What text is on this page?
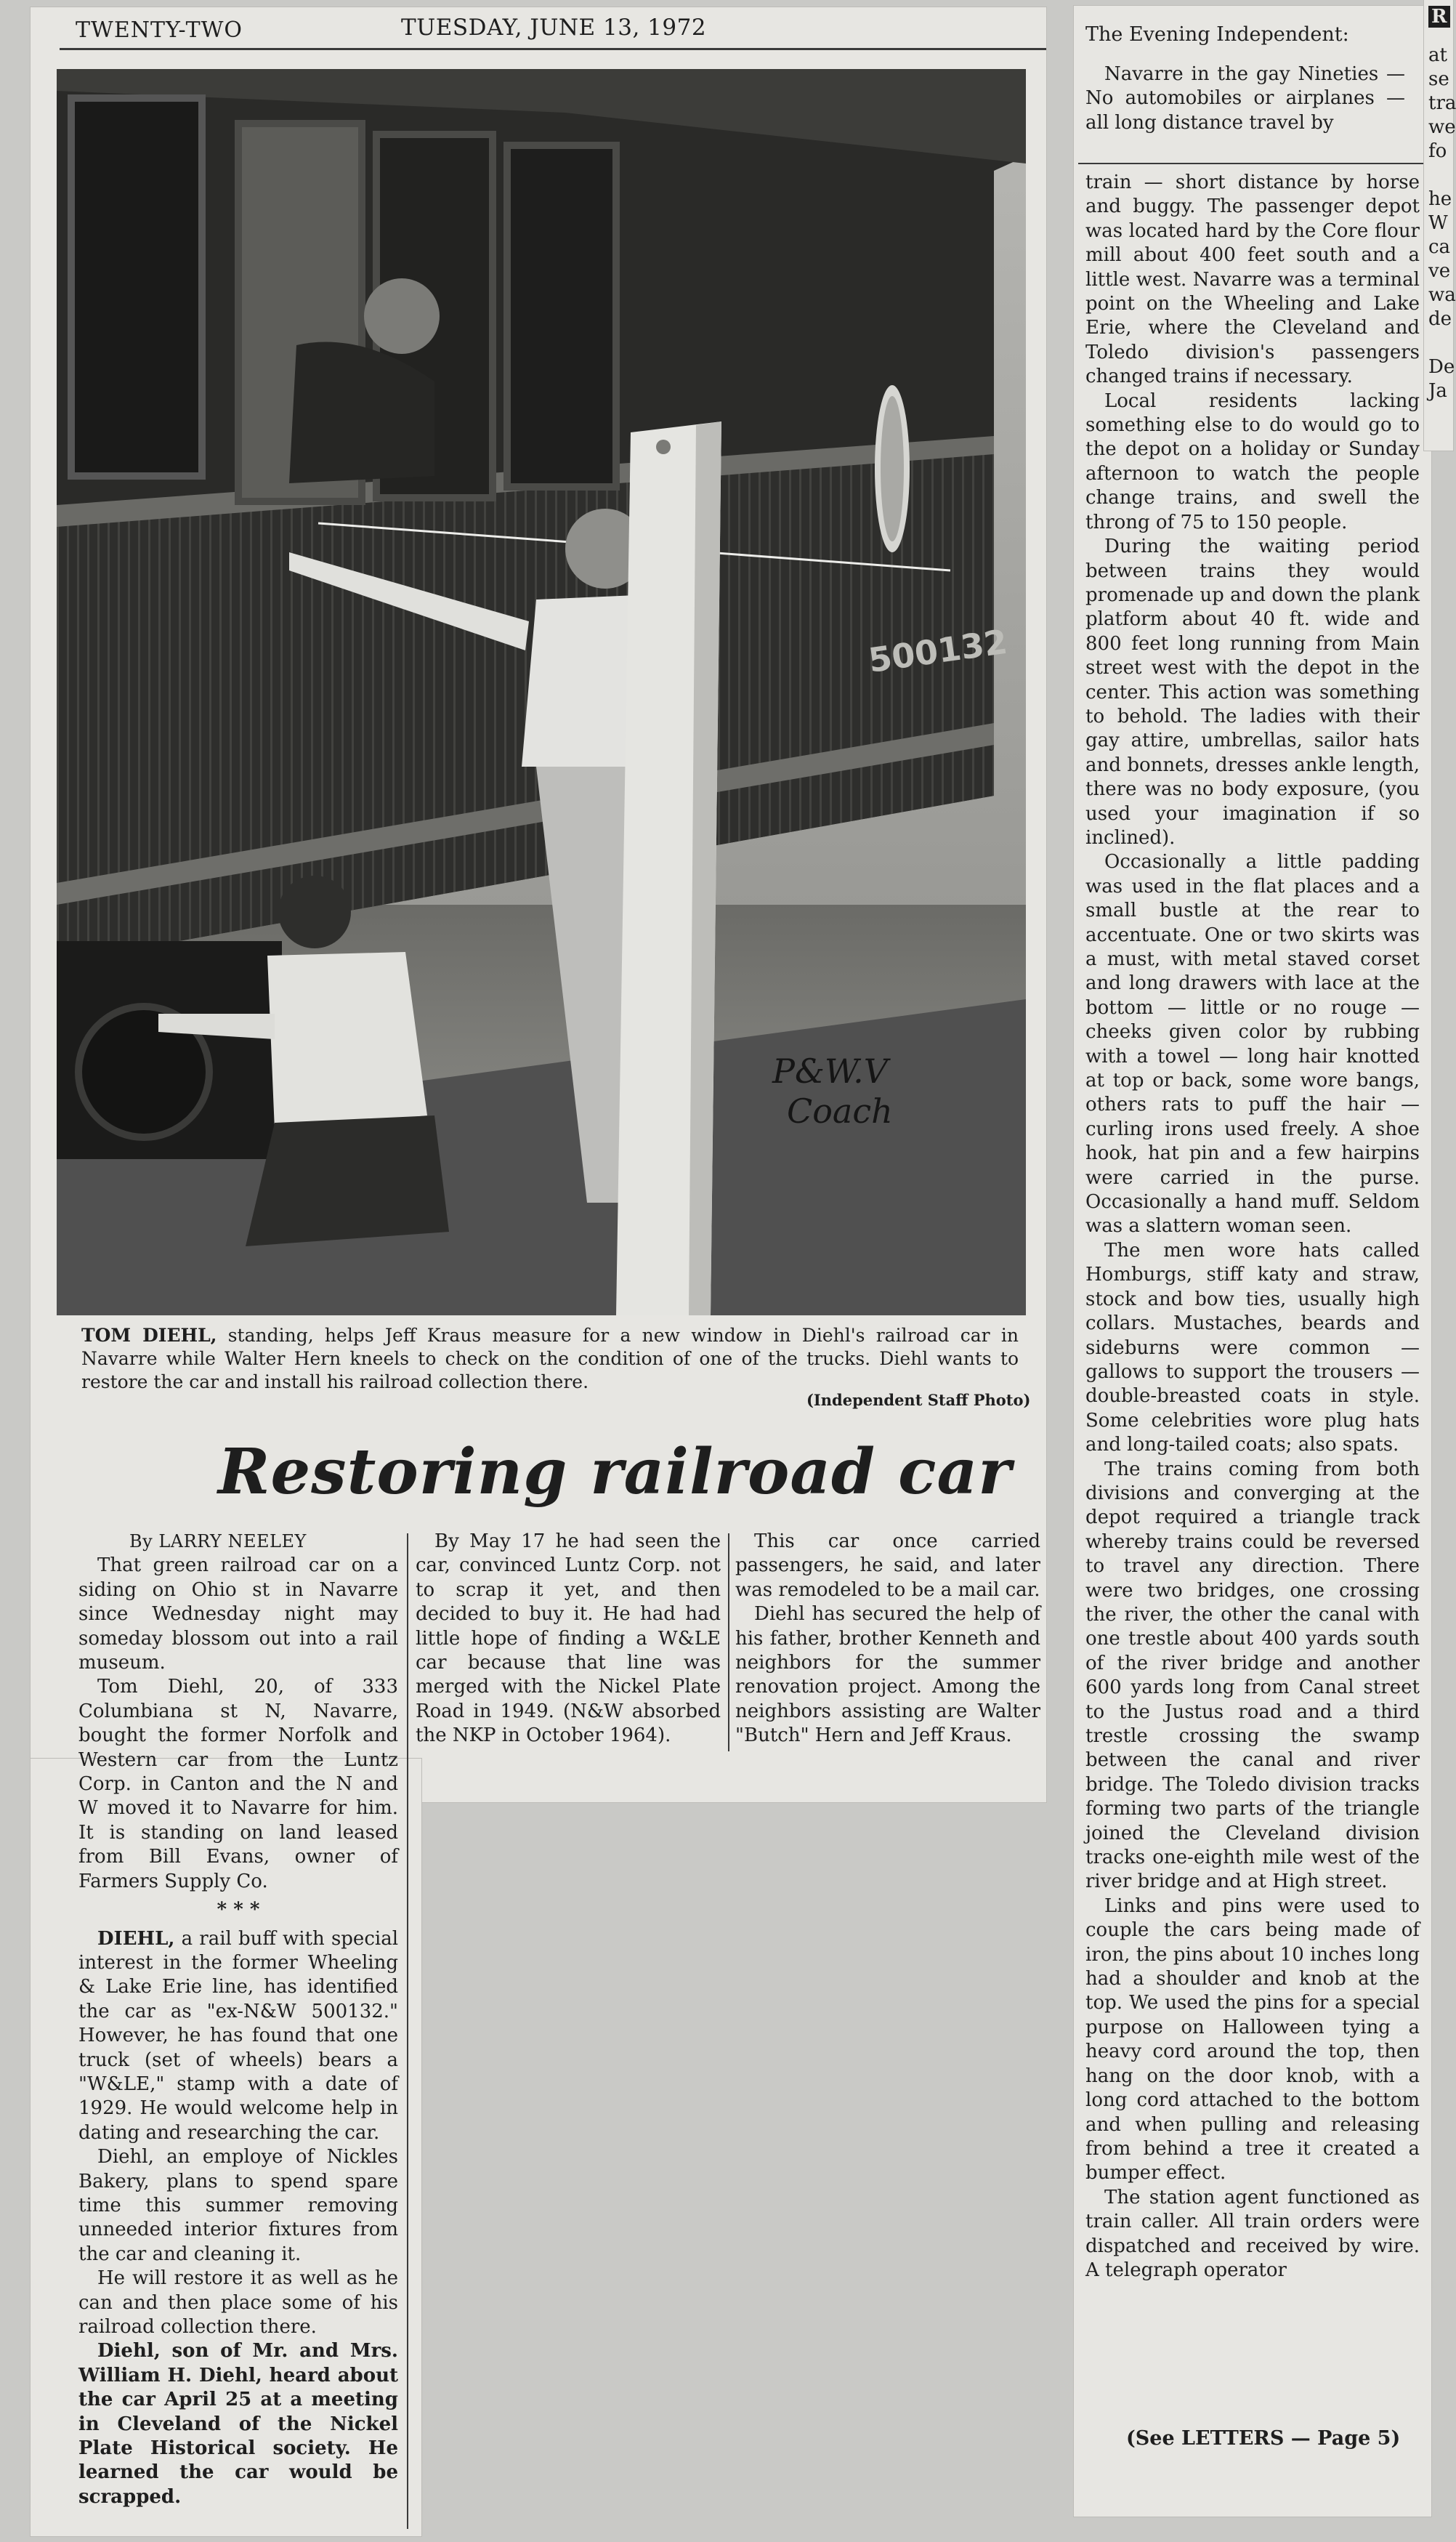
TWENTY-TWO	TUESDAY, JUNE 13, 1972
500132
P&W.V
Coach
TOM DIEHL, standing, helps Jeff Kraus measure for a new window in Diehl's railroad car in Navarre while Walter Hern kneels to check on the condition of one of the trucks. Diehl wants to restore the car and install his railroad collection there.
(Independent Staff Photo)
Restoring railroad car

By LARRY NEELEY

That green railroad car on a siding on Ohio st in Navarre since Wednesday night may someday blossom out into a rail museum.

Tom Diehl, 20, of 333 Columbiana st N, Navarre, bought the former Norfolk and Western car from the Luntz Corp. in Canton and the N and W moved it to Navarre for him. It is standing on land leased from Bill Evans, owner of Farmers Supply Co.

* * *

DIEHL, a rail buff with special interest in the former Wheeling & Lake Erie line, has identified the car as "ex-N&W 500132." However, he has found that one truck (set of wheels) bears a "W&LE," stamp with a date of 1929. He would welcome help in dating and researching the car.

Diehl, an employe of Nickles Bakery, plans to spend spare time this summer removing unneeded interior fixtures from the car and cleaning it.

He will restore it as well as he can and then place some of his railroad collection there.

Diehl, son of Mr. and Mrs. William H. Diehl, heard about the car April 25 at a meeting in Cleveland of the Nickel Plate Historical society. He learned the car would be scrapped.

By May 17 he had seen the car, convinced Luntz Corp. not to scrap it yet, and then decided to buy it. He had had little hope of finding a W&LE car because that line was merged with the Nickel Plate Road in 1949. (N&W absorbed the NKP in October 1964).

This car once carried passengers, he said, and later was remodeled to be a mail car.

Diehl has secured the help of his father, brother Kenneth and neighbors for the summer renovation project. Among the neighbors assisting are Walter "Butch" Hern and Jeff Kraus.

The Evening Independent:
Navarre in the gay Nineties — No automobiles or airplanes — all long distance travel by

train — short distance by horse and buggy. The passenger depot was located hard by the Core flour mill about 400 feet south and a little west. Navarre was a terminal point on the Wheeling and Lake Erie, where the Cleveland and Toledo division's passengers changed trains if necessary.

Local residents lacking something else to do would go to the depot on a holiday or Sunday afternoon to watch the people change trains, and swell the throng of 75 to 150 people.

During the waiting period between trains they would promenade up and down the plank platform about 40 ft. wide and 800 feet long running from Main street west with the depot in the center. This action was something to behold. The ladies with their gay attire, umbrellas, sailor hats and bonnets, dresses ankle length, there was no body exposure, (you used your imagination if so inclined).

Occasionally a little padding was used in the flat places and a small bustle at the rear to accentuate. One or two skirts was a must, with metal staved corset and long drawers with lace at the bottom — little or no rouge — cheeks given color by rubbing with a towel — long hair knotted at top or back, some wore bangs, others rats to puff the hair — curling irons used freely. A shoe hook, hat pin and a few hairpins were carried in the purse. Occasionally a hand muff. Seldom was a slattern woman seen.

The men wore hats called Homburgs, stiff katy and straw, stock and bow ties, usually high collars. Mustaches, beards and sideburns were common — gallows to support the trousers — double-breasted coats in style. Some celebrities wore plug hats and long-tailed coats; also spats.

The trains coming from both divisions and converging at the depot required a triangle track whereby trains could be reversed to travel any direction. There were two bridges, one crossing the river, the other the canal with one trestle about 400 yards south of the river bridge and another 600 yards long from Canal street to the Justus road and a third trestle crossing the swamp between the canal and river bridge. The Toledo division tracks forming two parts of the triangle joined the Cleveland division tracks one-eighth mile west of the river bridge and at High street.

Links and pins were used to couple the cars being made of iron, the pins about 10 inches long had a shoulder and knob at the top. We used the pins for a special purpose on Halloween tying a heavy cord around the top, then hang on the door knob, with a long cord attached to the bottom and when pulling and releasing from behind a tree it created a bumper effect.

The station agent functioned as train caller. All train orders were dispatched and received by wire. A telegraph operator

(See LETTERS — Page 5)
R
at
se
tra
we
fo
he
W
ca
ve
wa
de
De
Ja
